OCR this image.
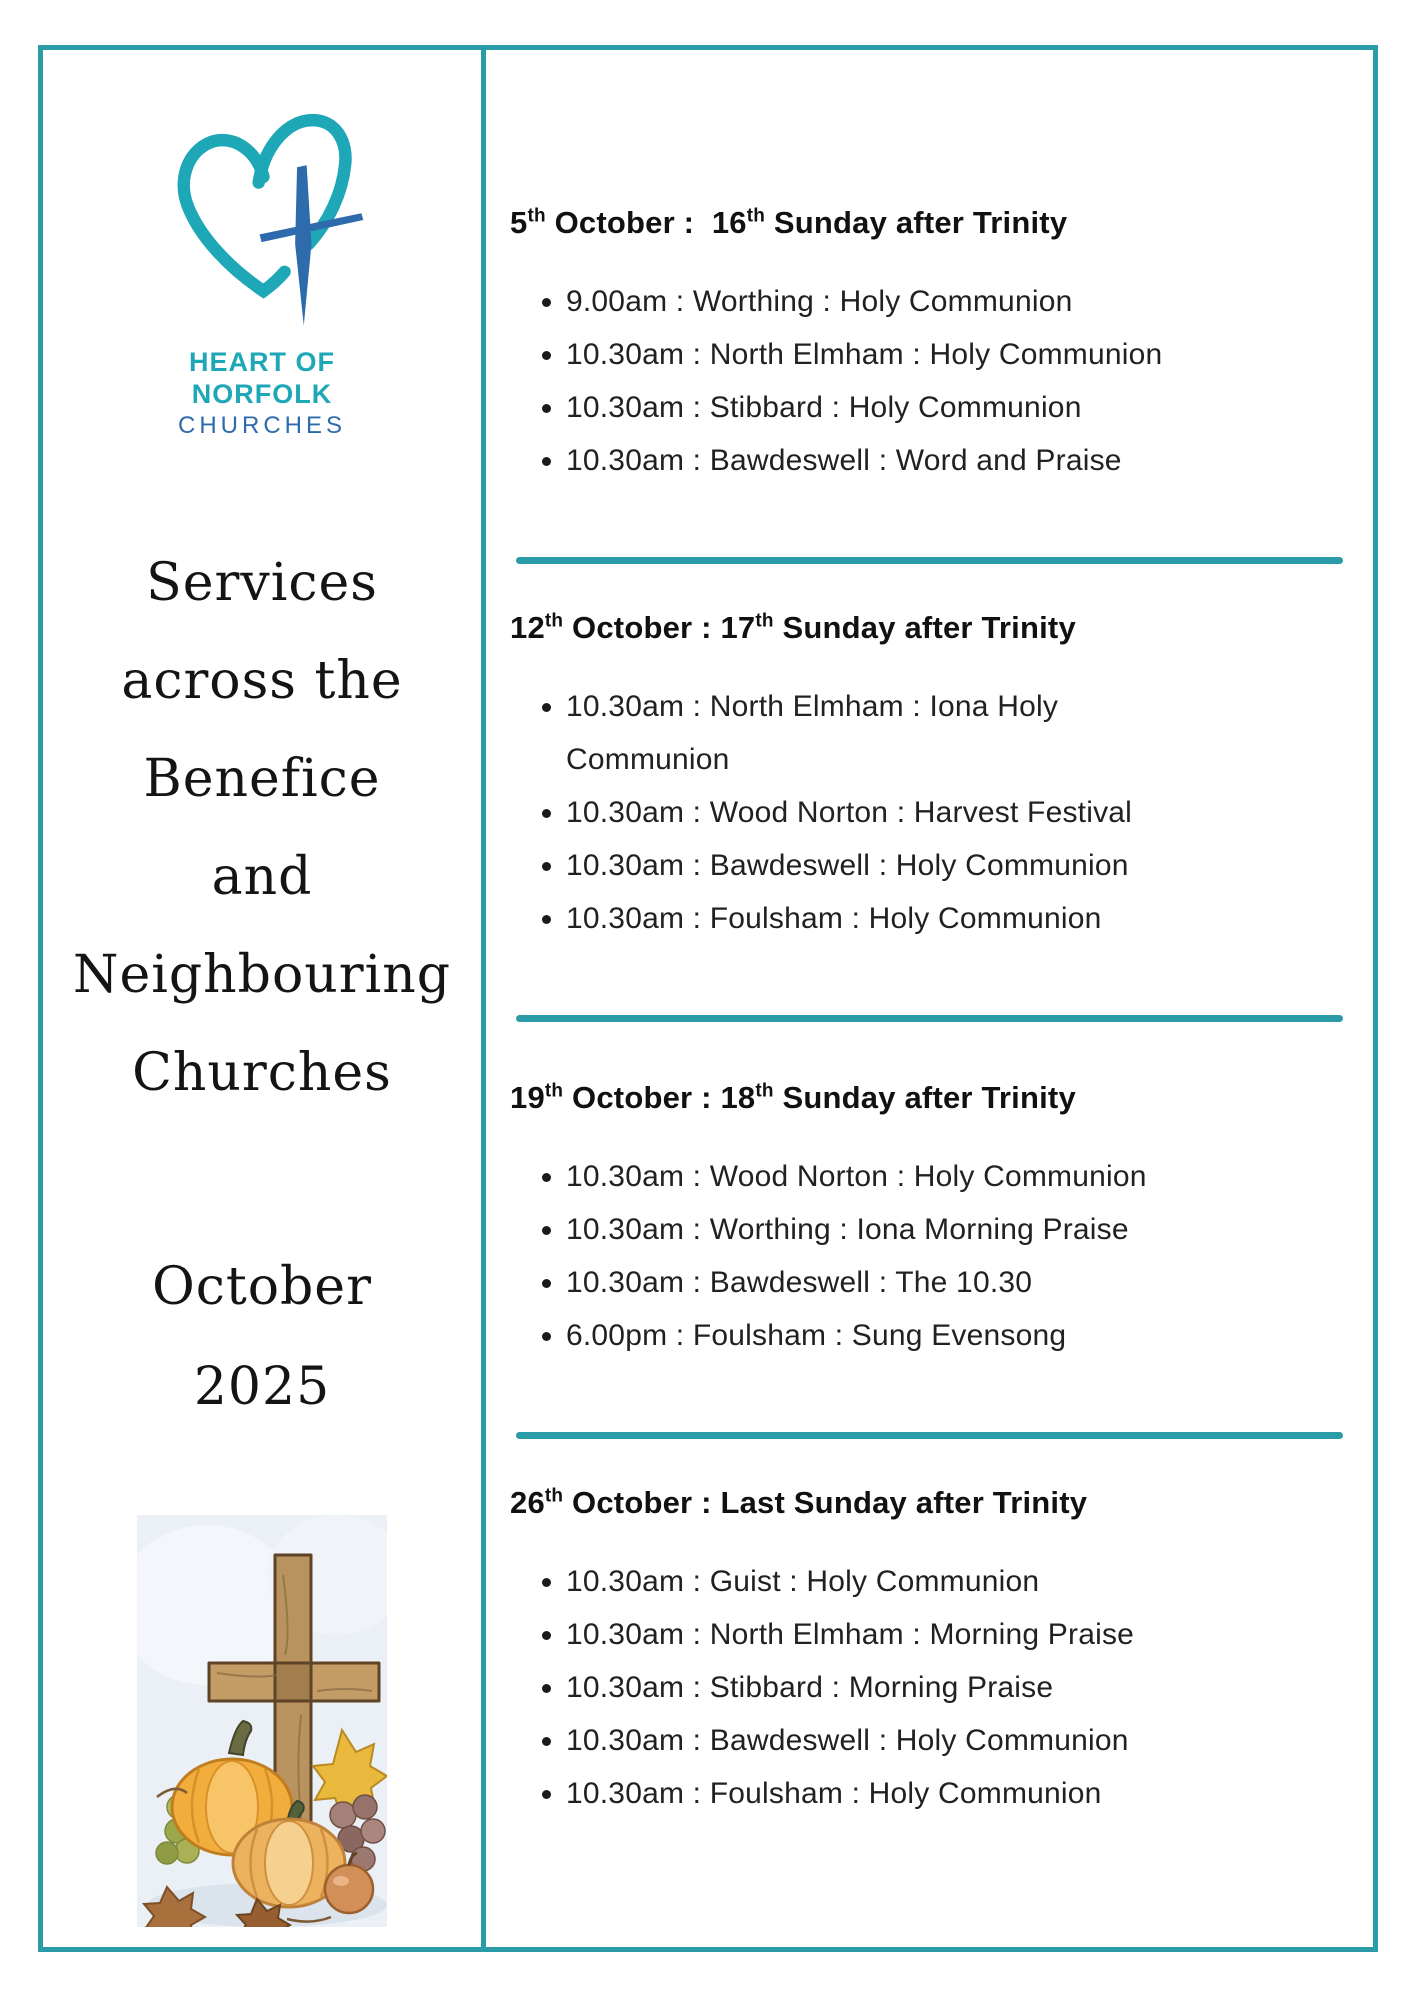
HEART OF
NORFOLK
CHURCHES
Services
across the
Benefice
and
Neighbouring
Churches
October
2025
5th October :  16th Sunday after Trinity
• 9.00am : Worthing : Holy Communion
• 10.30am : North Elmham : Holy Communion
• 10.30am : Stibbard : Holy Communion
• 10.30am : Bawdeswell : Word and Praise
12th October : 17th Sunday after Trinity
• 10.30am : North Elmham : Iona Holy Communion
• 10.30am : Wood Norton : Harvest Festival
• 10.30am : Bawdeswell : Holy Communion
• 10.30am : Foulsham : Holy Communion
19th October : 18th Sunday after Trinity
• 10.30am : Wood Norton : Holy Communion
• 10.30am : Worthing : Iona Morning Praise
• 10.30am : Bawdeswell : The 10.30
• 6.00pm : Foulsham : Sung Evensong
26th October : Last Sunday after Trinity
• 10.30am : Guist : Holy Communion
• 10.30am : North Elmham : Morning Praise
• 10.30am : Stibbard : Morning Praise
• 10.30am : Bawdeswell : Holy Communion
• 10.30am : Foulsham : Holy Communion
